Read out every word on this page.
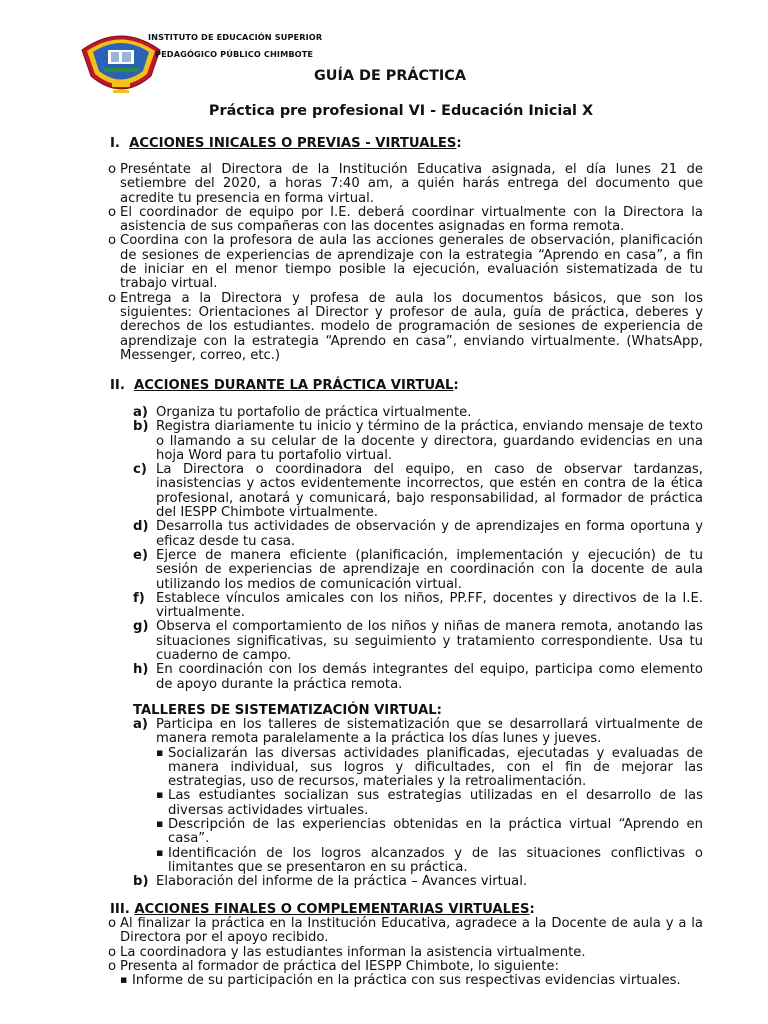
INSTITUTO DE EDUCACIÓN SUPERIOR
PEDAGÓGICO PÚBLICO CHIMBOTE
GUÍA DE PRÁCTICA
Práctica pre profesional VI - Educación Inicial X
I. ACCIONES INICALES O PREVIAS - VIRTUALES:
o Preséntate al Directora de la Institución Educativa asignada, el día lunes 21 de setiembre del 2020, a horas 7:40 am, a quién harás entrega del documento que acredite tu presencia en forma virtual.
o El coordinador de equipo por I.E. deberá coordinar virtualmente con la Directora la asistencia de sus compañeras con las docentes asignadas en forma remota.
o Coordina con la profesora de aula las acciones generales de observación, planificación de sesiones de experiencias de aprendizaje con la estrategia “Aprendo en casa”, a fin de iniciar en el menor tiempo posible la ejecución, evaluación sistematizada de tu trabajo virtual.
o Entrega a la Directora y profesa de aula los documentos básicos, que son los siguientes: Orientaciones al Director y profesor de aula, guía de práctica, deberes y derechos de los estudiantes. modelo de programación de sesiones de experiencia de aprendizaje con la estrategia “Aprendo en casa”, enviando virtualmente. (WhatsApp, Messenger, correo, etc.)
II. ACCIONES DURANTE LA PRÁCTICA VIRTUAL:
a) Organiza tu portafolio de práctica virtualmente.
b) Registra diariamente tu inicio y término de la práctica, enviando mensaje de texto o llamando a su celular de la docente y directora, guardando evidencias en una hoja Word para tu portafolio virtual.
c) La Directora o coordinadora del equipo, en caso de observar tardanzas, inasistencias y actos evidentemente incorrectos, que estén en contra de la ética profesional, anotará y comunicará, bajo responsabilidad, al formador de práctica del IESPP Chimbote virtualmente.
d) Desarrolla tus actividades de observación y de aprendizajes en forma oportuna y eficaz desde tu casa.
e) Ejerce de manera eficiente (planificación, implementación y ejecución) de tu sesión de experiencias de aprendizaje en coordinación con la docente de aula utilizando los medios de comunicación virtual.
f) Establece vínculos amicales con los niños, PP.FF, docentes y directivos de la I.E. virtualmente.
g) Observa el comportamiento de los niños y niñas de manera remota, anotando las situaciones significativas, su seguimiento y tratamiento correspondiente. Usa tu cuaderno de campo.
h) En coordinación con los demás integrantes del equipo, participa como elemento de apoyo durante la práctica remota.
TALLERES DE SISTEMATIZACIÓN VIRTUAL:
a) Participa en los talleres de sistematización que se desarrollará virtualmente de manera remota paralelamente a la práctica los días lunes y jueves.
▪ Socializarán las diversas actividades planificadas, ejecutadas y evaluadas de manera individual, sus logros y dificultades, con el fin de mejorar las estrategias, uso de recursos, materiales y la retroalimentación.
▪ Las estudiantes socializan sus estrategias utilizadas en el desarrollo de las diversas actividades virtuales.
▪ Descripción de las experiencias obtenidas en la práctica virtual “Aprendo en casa”.
▪ Identificación de los logros alcanzados y de las situaciones conflictivas o limitantes que se presentaron en su práctica.
b) Elaboración del informe de la práctica – Avances virtual.
III. ACCIONES FINALES O COMPLEMENTARIAS VIRTUALES:
o Al finalizar la práctica en la Institución Educativa, agradece a la Docente de aula y a la Directora por el apoyo recibido.
o La coordinadora y las estudiantes informan la asistencia virtualmente.
o Presenta al formador de práctica del IESPP Chimbote, lo siguiente:
▪ Informe de su participación en la práctica con sus respectivas evidencias virtuales.
